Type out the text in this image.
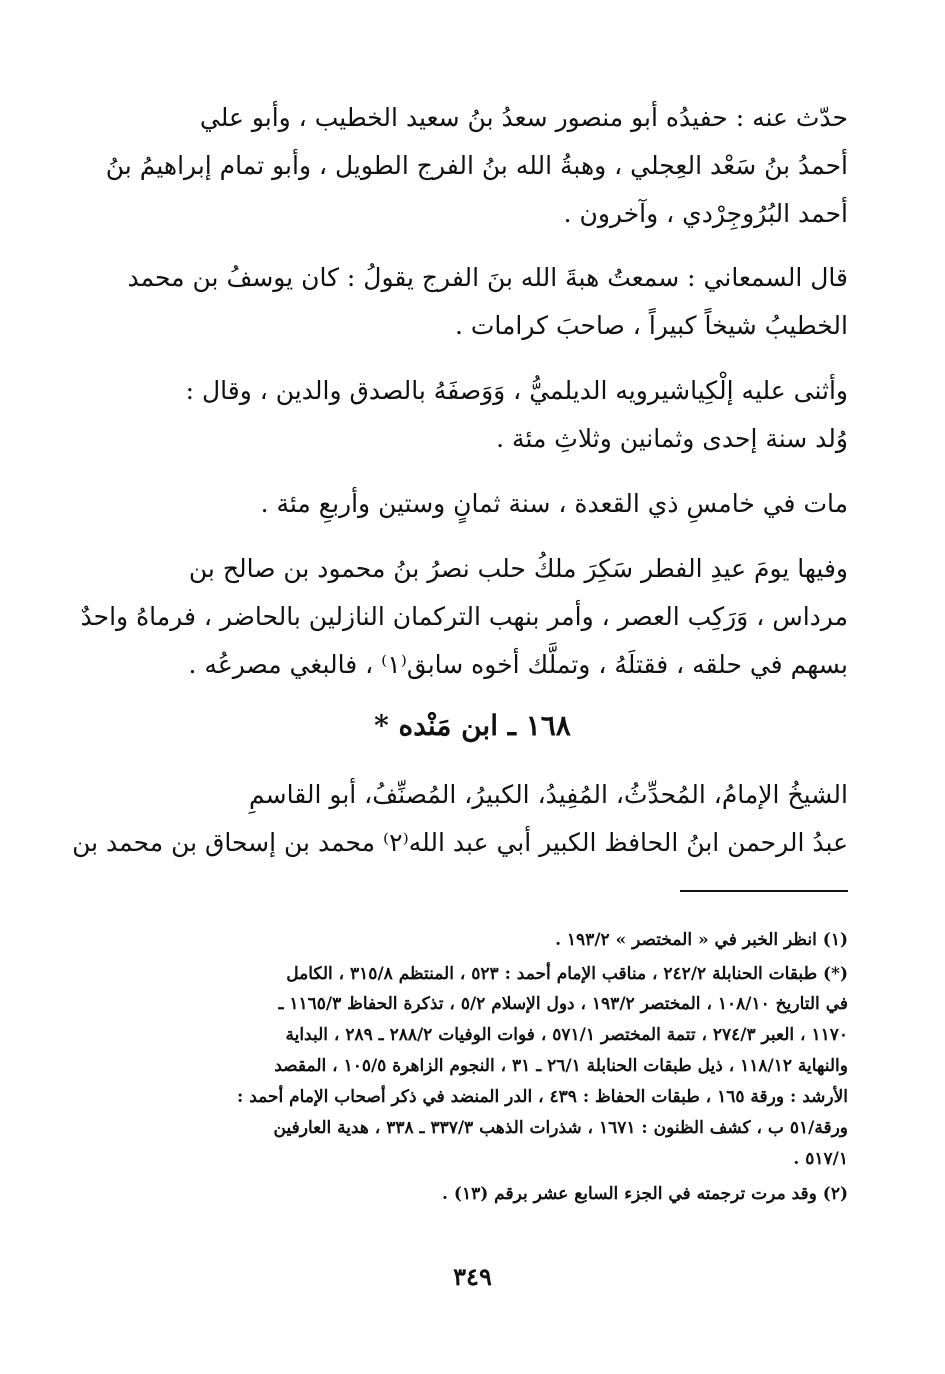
حدّث عنه : حفيدُه أبو منصور سعدُ بنُ سعيد الخطيب ، وأبو علي
أحمدُ بنُ سَعْد العِجلي ، وهبةُ الله بنُ الفرج الطويل ، وأبو تمام إبراهيمُ بنُ
أحمد البُرُوجِرْدي ، وآخرون .
قال السمعاني : سمعتُ هبةَ الله بنَ الفرج يقولُ : كان يوسفُ بن محمد
الخطيبُ شيخاً كبيراً ، صاحبَ كرامات .
وأثنى عليه إلْكِياشيرويه الديلميُّ ، وَوَصفَهُ بالصدق والدين ، وقال :
وُلد سنة إحدى وثمانين وثلاثِ مئة .
مات في خامسِ ذي القعدة ، سنة ثمانٍ وستين وأربعِ مئة .
وفيها يومَ عيدِ الفطر سَكِرَ ملكُ حلب نصرُ بنُ محمود بن صالح بن
مرداس ، وَرَكِب العصر ، وأمر بنهب التركمان النازلين بالحاضر ، فرماهُ واحدٌ
بسهم في حلقه ، فقتلَهُ ، وتملَّك أخوه سابق⁽١⁾ ، فالبغي مصرعُه .
١٦٨ ـ ابن مَنْده *
الشيخُ الإمامُ، المُحدِّثُ، المُفِيدُ، الكبيرُ، المُصنِّفُ، أبو القاسمِ
عبدُ الرحمن ابنُ الحافظ الكبير أبي عبد الله⁽٢⁾ محمد بن إسحاق بن محمد بن
(١) انظر الخبر في « المختصر » ١٩٣/٢ .
(*) طبقات الحنابلة ٢٤٢/٢ ، مناقب الإمام أحمد : ٥٢٣ ، المنتظم ٣١٥/٨ ، الكامل
في التاريخ ١٠٨/١٠ ، المختصر ١٩٣/٢ ، دول الإسلام ٥/٢ ، تذكرة الحفاظ ١١٦٥/٣ ـ
١١٧٠ ، العبر ٢٧٤/٣ ، تتمة المختصر ٥٧١/١ ، فوات الوفيات ٢٨٨/٢ ـ ٢٨٩ ، البداية
والنهاية ١١٨/١٢ ، ذيل طبقات الحنابلة ٢٦/١ ـ ٣١ ، النجوم الزاهرة ١٠٥/٥ ، المقصد
الأرشد : ورقة ١٦٥ ، طبقات الحفاظ : ٤٣٩ ، الدر المنضد في ذكر أصحاب الإمام أحمد :
ورقة/٥١ ب ، كشف الظنون : ١٦٧١ ، شذرات الذهب ٣٣٧/٣ ـ ٣٣٨ ، هدية العارفين
٥١٧/١ .
(٢) وقد مرت ترجمته في الجزء السابع عشر برقم (١٣) .
٣٤٩
